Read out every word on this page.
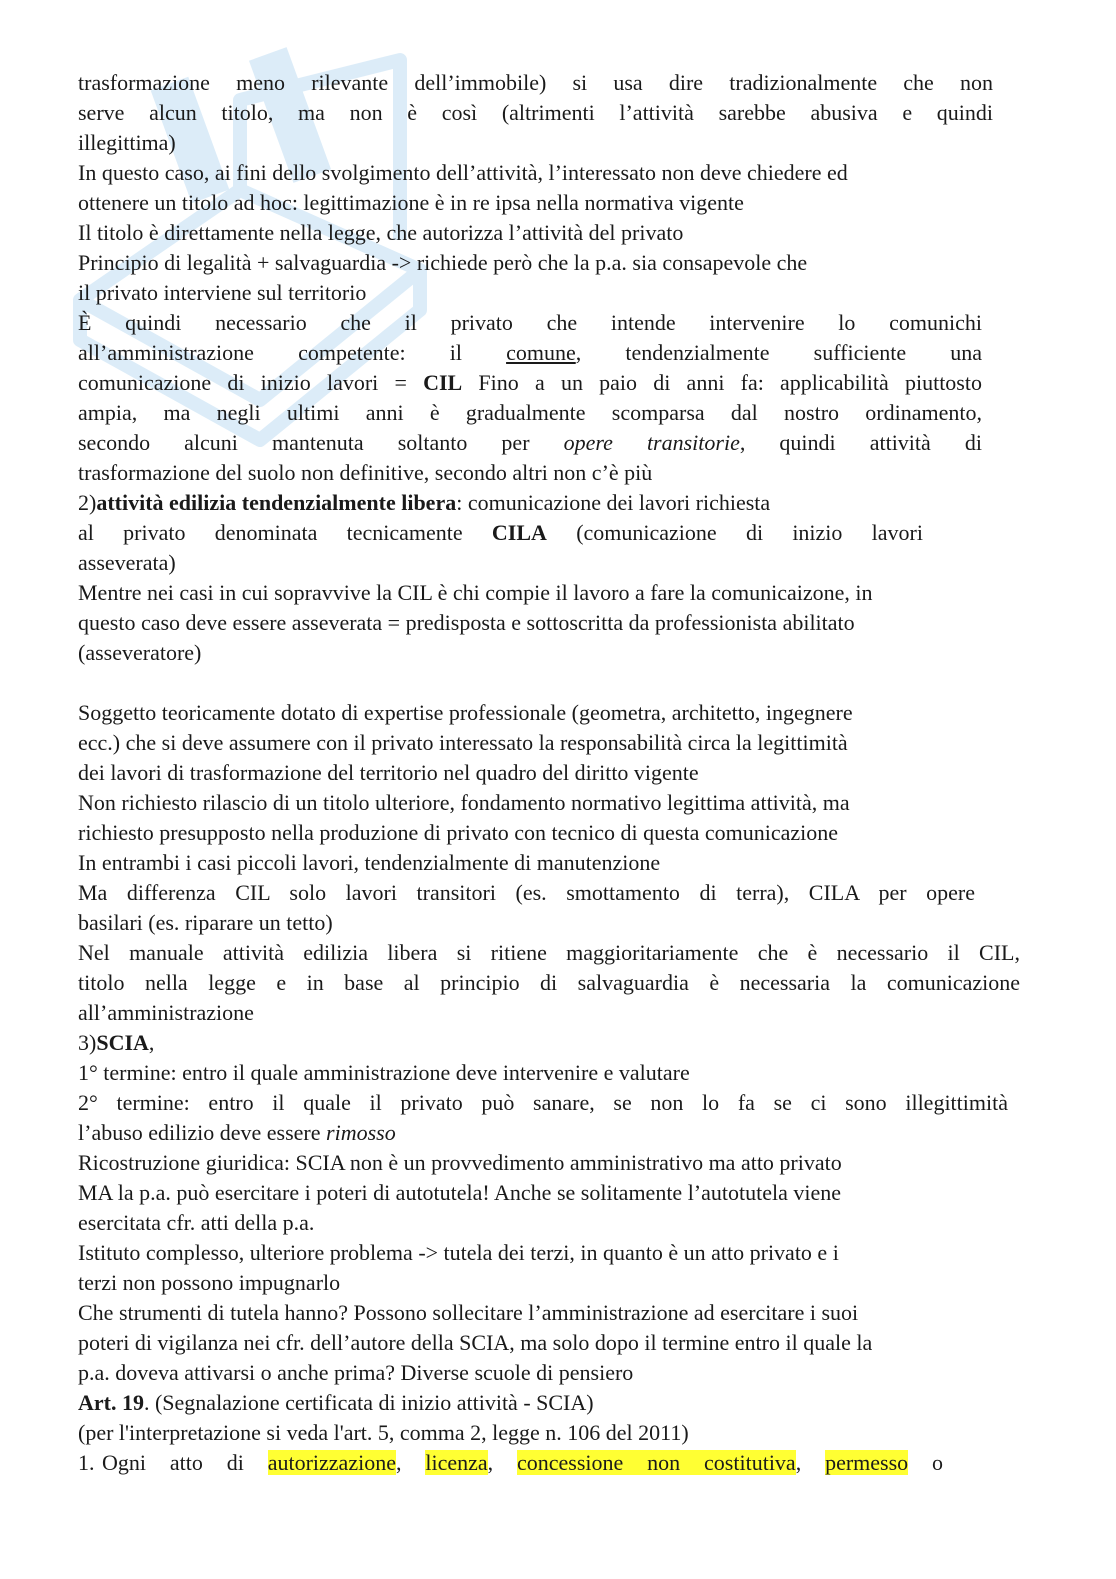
trasformazione meno rilevante dell’immobile) si usa dire tradizionalmente che non
serve alcun titolo, ma non è così (altrimenti l’attività sarebbe abusiva e quindi
illegittima)
In questo caso, ai fini dello svolgimento dell’attività, l’interessato non deve chiedere ed
ottenere un titolo ad hoc: legittimazione è in re ipsa nella normativa vigente
Il titolo è direttamente nella legge, che autorizza l’attività del privato
Principio di legalità + salvaguardia -> richiede però che la p.a. sia consapevole che
il privato interviene sul territorio
È quindi necessario che il privato che intende intervenire lo comunichi
all’amministrazione competente: il comune, tendenzialmente sufficiente una
comunicazione di inizio lavori = CIL Fino a un paio di anni fa: applicabilità piuttosto
ampia, ma negli ultimi anni è gradualmente scomparsa dal nostro ordinamento,
secondo alcuni mantenuta soltanto per opere transitorie, quindi attività di
trasformazione del suolo non definitive, secondo altri non c’è più
2)attività edilizia tendenzialmente libera: comunicazione dei lavori richiesta
al privato denominata tecnicamente CILA (comunicazione di inizio lavori
asseverata)
Mentre nei casi in cui sopravvive la CIL è chi compie il lavoro a fare la comunicaizone, in
questo caso deve essere asseverata = predisposta e sottoscritta da professionista abilitato
(asseveratore)
Soggetto teoricamente dotato di expertise professionale (geometra, architetto, ingegnere
ecc.) che si deve assumere con il privato interessato la responsabilità circa la legittimità
dei lavori di trasformazione del territorio nel quadro del diritto vigente
Non richiesto rilascio di un titolo ulteriore, fondamento normativo legittima attività, ma
richiesto presupposto nella produzione di privato con tecnico di questa comunicazione
In entrambi i casi piccoli lavori, tendenzialmente di manutenzione
Ma differenza CIL solo lavori transitori (es. smottamento di terra), CILA per opere
basilari (es. riparare un tetto)
Nel manuale attività edilizia libera si ritiene maggioritariamente che è necessario il CIL,
titolo nella legge e in base al principio di salvaguardia è necessaria la comunicazione
all’amministrazione
3)SCIA,
1° termine: entro il quale amministrazione deve intervenire e valutare
2° termine: entro il quale il privato può sanare, se non lo fa se ci sono illegittimità
l’abuso edilizio deve essere rimosso
Ricostruzione giuridica: SCIA non è un provvedimento amministrativo ma atto privato
MA la p.a. può esercitare i poteri di autotutela! Anche se solitamente l’autotutela viene
esercitata cfr. atti della p.a.
Istituto complesso, ulteriore problema -> tutela dei terzi, in quanto è un atto privato e i
terzi non possono impugnarlo
Che strumenti di tutela hanno? Possono sollecitare l’amministrazione ad esercitare i suoi
poteri di vigilanza nei cfr. dell’autore della SCIA, ma solo dopo il termine entro il quale la
p.a. doveva attivarsi o anche prima? Diverse scuole di pensiero
Art. 19. (Segnalazione certificata di inizio attività - SCIA)
(per l'interpretazione si veda l'art. 5, comma 2, legge n. 106 del 2011)
1. Ogni atto di autorizzazione, licenza, concessione non costitutiva, permesso o
